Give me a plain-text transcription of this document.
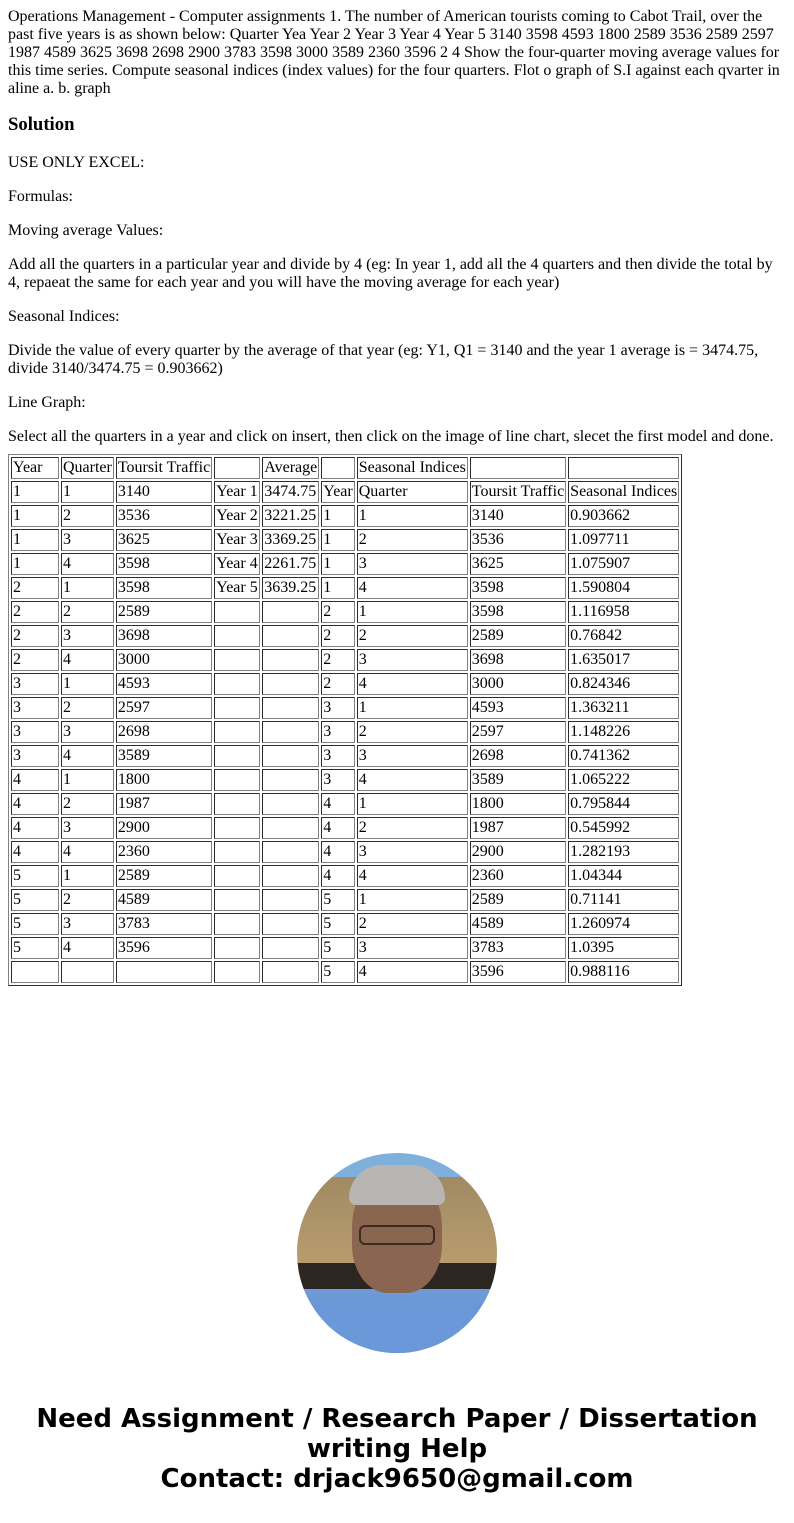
Operations Management - Computer assignments 1. The number of American tourists coming to Cabot Trail, over the past five years is as shown below: Quarter Yea Year 2 Year 3 Year 4 Year 5 3140 3598 4593 1800 2589 3536 2589 2597 1987 4589 3625 3698 2698 2900 3783 3598 3000 3589 2360 3596 2 4 Show the four-quarter moving average values for this time series. Compute seasonal indices (index values) for the four quarters. Flot o graph of S.I against each qvarter in aline a. b. graph
Solution

USE ONLY EXCEL:

Formulas:

Moving average Values:

Add all the quarters in a particular year and divide by 4 (eg: In year 1, add all the 4 quarters and then divide the total by 4, repaeat the same for each year and you will have the moving average for each year)

Seasonal Indices:

Divide the value of every quarter by the average of that year (eg: Y1, Q1 = 3140 and the year 1 average is = 3474.75, divide 3140/3474.75 = 0.903662)

Line Graph:

Select all the quarters in a year and click on insert, then click on the image of line chart, slecet the first model and done.

Year	Quarter	Toursit Traffic		Average		Seasonal Indices		
1	1	3140	Year 1	3474.75	Year	Quarter	Toursit Traffic	Seasonal Indices
1	2	3536	Year 2	3221.25	1	1	3140	0.903662
1	3	3625	Year 3	3369.25	1	2	3536	1.097711
1	4	3598	Year 4	2261.75	1	3	3625	1.075907
2	1	3598	Year 5	3639.25	1	4	3598	1.590804
2	2	2589			2	1	3598	1.116958
2	3	3698			2	2	2589	0.76842
2	4	3000			2	3	3698	1.635017
3	1	4593			2	4	3000	0.824346
3	2	2597			3	1	4593	1.363211
3	3	2698			3	2	2597	1.148226
3	4	3589			3	3	2698	0.741362
4	1	1800			3	4	3589	1.065222
4	2	1987			4	1	1800	0.795844
4	3	2900			4	2	1987	0.545992
4	4	2360			4	3	2900	1.282193
5	1	2589			4	4	2360	1.04344
5	2	4589			5	1	2589	0.71141
5	3	3783			5	2	4589	1.260974
5	4	3596			5	3	3783	1.0395
					5	4	3596	0.988116
Need Assignment / Research Paper / Dissertation
writing Help
Contact: drjack9650@gmail.com
